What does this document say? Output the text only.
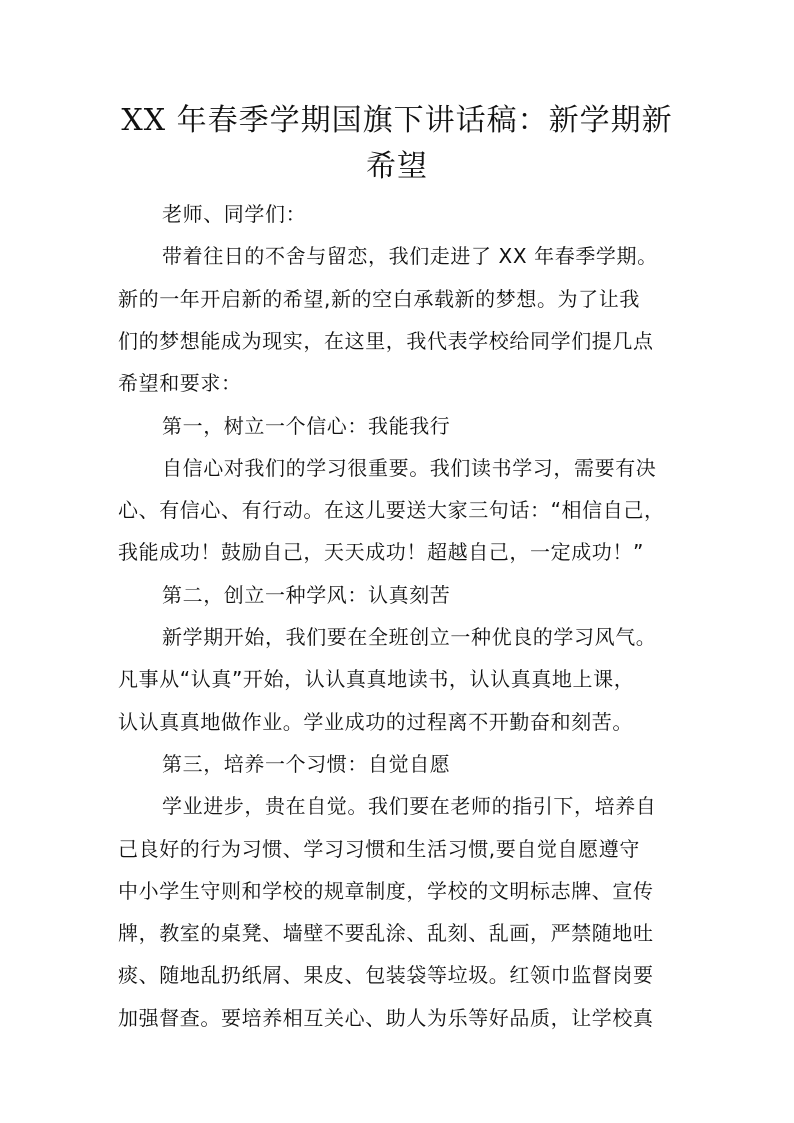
XX 年春季学期国旗下讲话稿：新学期新
希望
老师、同学们：
带着往日的不舍与留恋，我们走进了 XX 年春季学期。
新的一年开启新的希望,新的空白承载新的梦想。为了让我
们的梦想能成为现实，在这里，我代表学校给同学们提几点
希望和要求：
第一，树立一个信心：我能我行
自信心对我们的学习很重要。我们读书学习，需要有决
心、有信心、有行动。在这儿要送大家三句话：“相信自己，
我能成功！鼓励自己，天天成功！超越自己，一定成功！”
第二，创立一种学风：认真刻苦
新学期开始，我们要在全班创立一种优良的学习风气。
凡事从“认真”开始，认认真真地读书，认认真真地上课，
认认真真地做作业。学业成功的过程离不开勤奋和刻苦。
第三，培养一个习惯：自觉自愿
学业进步，贵在自觉。我们要在老师的指引下，培养自
己良好的行为习惯、学习习惯和生活习惯,要自觉自愿遵守
中小学生守则和学校的规章制度，学校的文明标志牌、宣传
牌，教室的桌凳、墙壁不要乱涂、乱刻、乱画，严禁随地吐
痰、随地乱扔纸屑、果皮、包装袋等垃圾。红领巾监督岗要
加强督查。要培养相互关心、助人为乐等好品质，让学校真
